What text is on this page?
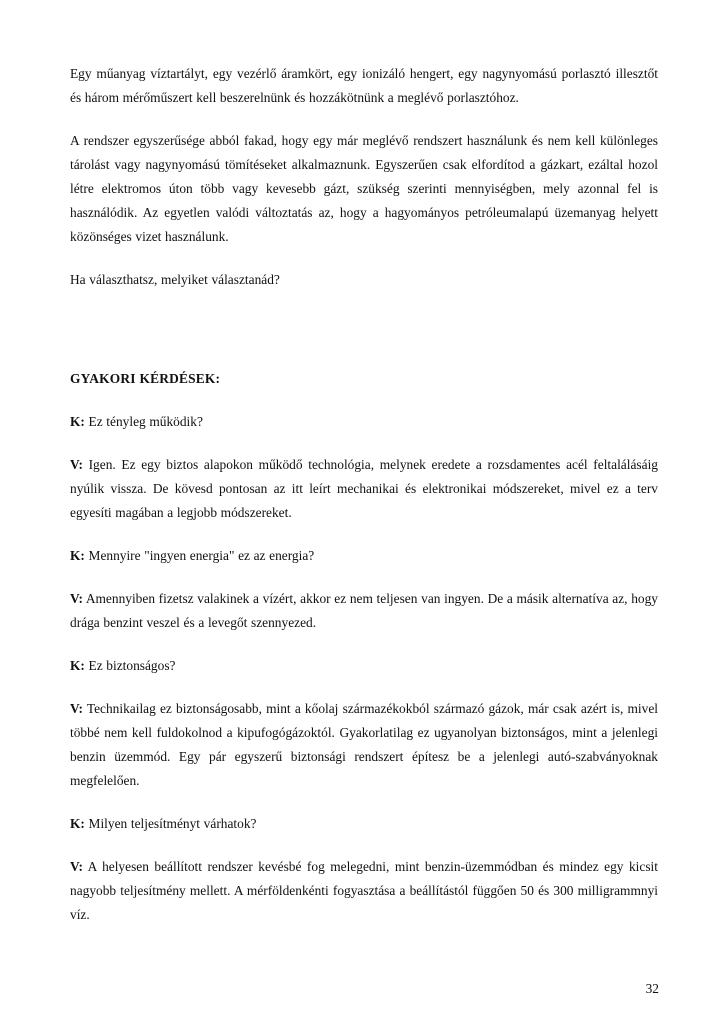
Egy műanyag víztartályt, egy vezérlő áramkört, egy ionizáló hengert, egy nagynyomású porlasztó illesztőt és három mérőműszert kell beszerelnünk és hozzákötnünk a meglévő porlasztóhoz.

A rendszer egyszerűsége abból fakad, hogy egy már meglévő rendszert használunk és nem kell különleges tárolást vagy nagynyomású tömítéseket alkalmaznunk. Egyszerűen csak elfordítod a gázkart, ezáltal hozol létre elektromos úton több vagy kevesebb gázt, szükség szerinti mennyiségben, mely azonnal fel is használódik. Az egyetlen valódi változtatás az, hogy a hagyományos petróleumalapú üzemanyag helyett közönséges vizet használunk.

Ha választhatsz, melyiket választanád?

GYAKORI KÉRDÉSEK:

K: Ez tényleg működik?

V: Igen. Ez egy biztos alapokon működő technológia, melynek eredete a rozsdamentes acél feltalálásáig nyúlik vissza. De kövesd pontosan az itt leírt mechanikai és elektronikai módszereket, mivel ez a terv egyesíti magában a legjobb módszereket.

K: Mennyire "ingyen energia" ez az energia?

V: Amennyiben fizetsz valakinek a vízért, akkor ez nem teljesen van ingyen. De a másik alternatíva az, hogy drága benzint veszel és a levegőt szennyezed.

K: Ez biztonságos?

V: Technikailag ez biztonságosabb, mint a kőolaj származékokból származó gázok, már csak azért is, mivel többé nem kell fuldokolnod a kipufogógázoktól. Gyakorlatilag ez ugyanolyan biztonságos, mint a jelenlegi benzin üzemmód. Egy pár egyszerű biztonsági rendszert építesz be a jelenlegi autó-szabványoknak megfelelően.

K: Milyen teljesítményt várhatok?

V: A helyesen beállított rendszer kevésbé fog melegedni, mint benzin-üzemmódban és mindez egy kicsit nagyobb teljesítmény mellett. A mérföldenkénti fogyasztása a beállítástól függően 50 és 300 milligrammnyi víz.

32
